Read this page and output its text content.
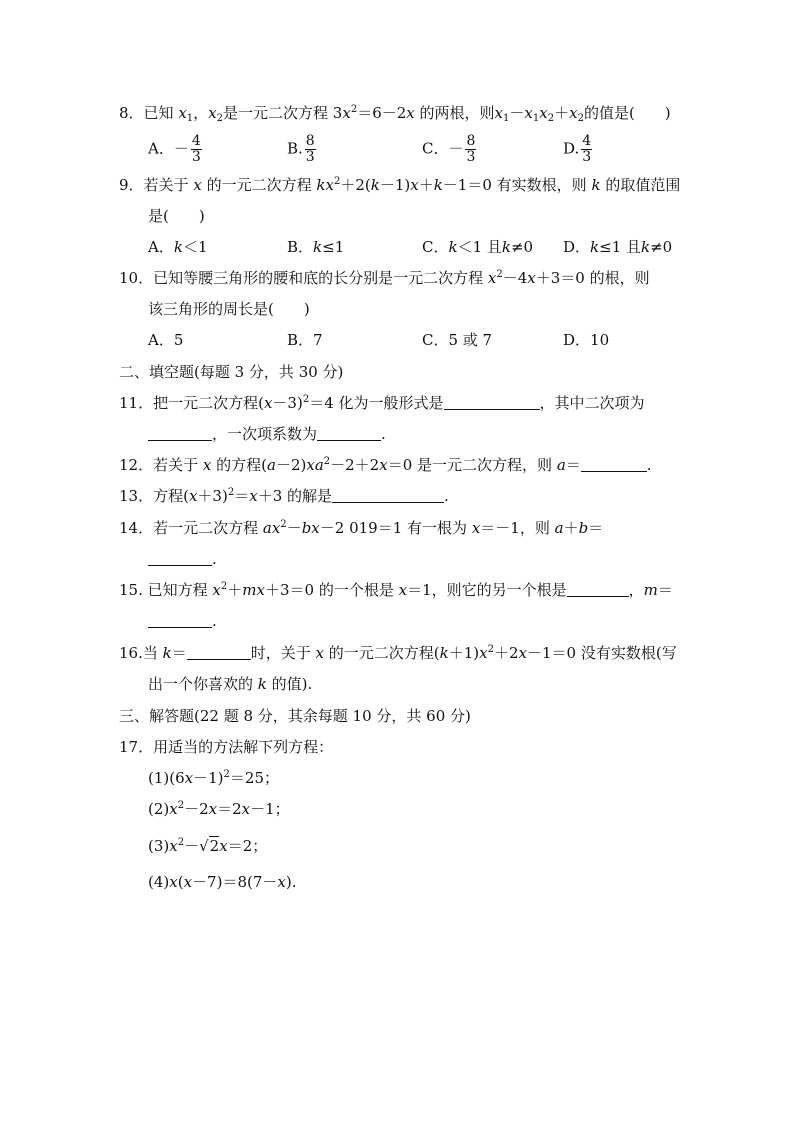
8．已知 $x_1$，$x_2$是一元二次方程 $3x^2=6-2x$ 的两根，则$x_1-x_1x_2+x_2$的值是(　　)
A．－ $\frac{4}{3}$	B. $\frac{8}{3}$	C．－ $\frac{8}{3}$	D. $\frac{4}{3}$
9．若关于 x 的一元二次方程 $kx^2+2(k-1)x+k-1=0$ 有实数根，则 k 的取值范围
是(　　)
A．k＜1	B．k≤1	C．k＜1 且k≠0 D．k≤1 且k≠0
10．已知等腰三角形的腰和底的长分别是一元二次方程 $x^2-4x+3=0$ 的根，则
该三角形的周长是(　　)
A．5	B．7	C．5 或 7	D．10
二、填空题(每题 3 分，共 30 分)
11．把一元二次方程$(x-3)^2=4$ 化为一般形式是	，其中二次项为
，一次项系数为	.
12．若关于 x 的方程$(a-2)xa^2-2+2x=0$ 是一元二次方程，则 a＝	.
13．方程$(x+3)^2=x+3$ 的解是	.
14．若一元二次方程 $ax^2-bx-2$ 019＝1 有一根为 x＝－1，则 a＋b＝
.
15. 已知方程 $x^2+mx+3=0$ 的一个根是 x＝1，则它的另一个根是	，m＝
.
16.当 k＝	时，关于 x 的一元二次方程$(k+1)x^2+2x-1=0$ 没有实数根(写
出一个你喜欢的 k 的值).
三、解答题(22 题 8 分，其余每题 10 分，共 60 分)
17．用适当的方法解下列方程：
$(1)(6x-1)^2=25$；
$(2)x^2-2x=2x-1$；
$(3)x^2-√2x=2$；
(4)x(x－7)＝8(7－x).
